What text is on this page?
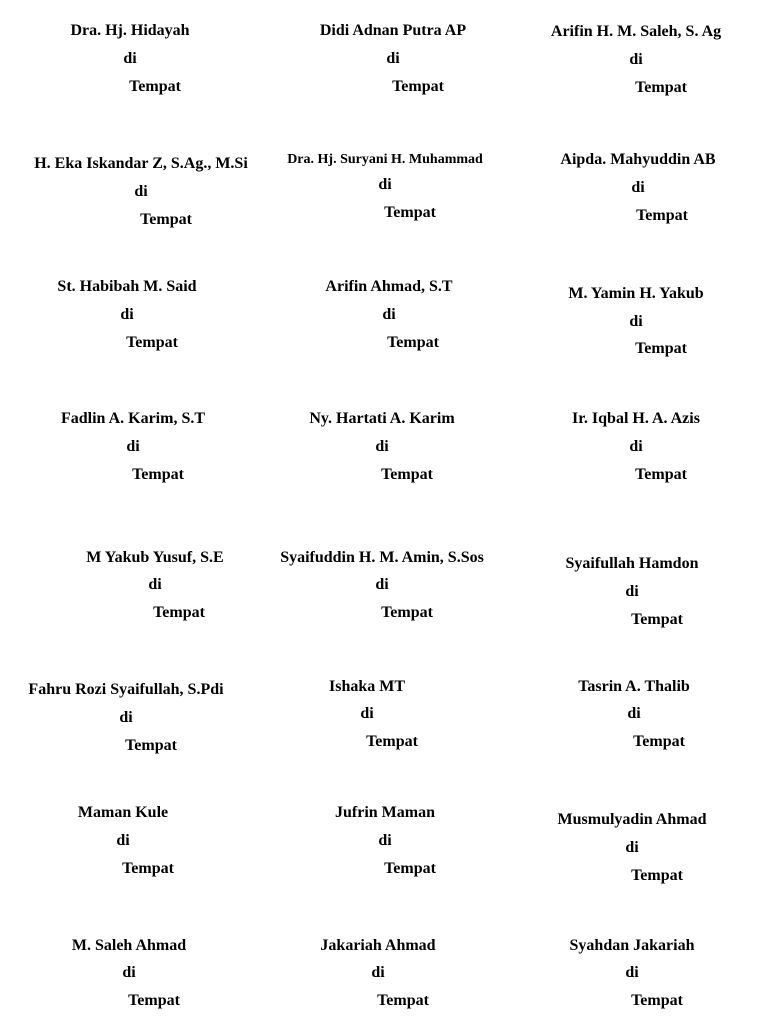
Dra. Hj. Hidayah
di
Tempat
Didi Adnan Putra AP
di
Tempat
Arifin H. M. Saleh, S. Ag
di
Tempat
H. Eka Iskandar Z, S.Ag., M.Si
di
Tempat
Dra. Hj. Suryani H. Muhammad
di
Tempat
Aipda. Mahyuddin AB
di
Tempat
St. Habibah M. Said
di
Tempat
Arifin Ahmad, S.T
di
Tempat
M. Yamin H. Yakub
di
Tempat
Fadlin A. Karim, S.T
di
Tempat
Ny. Hartati A. Karim
di
Tempat
Ir. Iqbal H. A. Azis
di
Tempat
M Yakub Yusuf, S.E
di
Tempat
Syaifuddin H. M. Amin, S.Sos
di
Tempat
Syaifullah Hamdon
di
Tempat
Fahru Rozi Syaifullah, S.Pdi
di
Tempat
Ishaka MT
di
Tempat
Tasrin A. Thalib
di
Tempat
Maman Kule
di
Tempat
Jufrin Maman
di
Tempat
Musmulyadin Ahmad
di
Tempat
M. Saleh Ahmad
di
Tempat
Jakariah Ahmad
di
Tempat
Syahdan Jakariah
di
Tempat
